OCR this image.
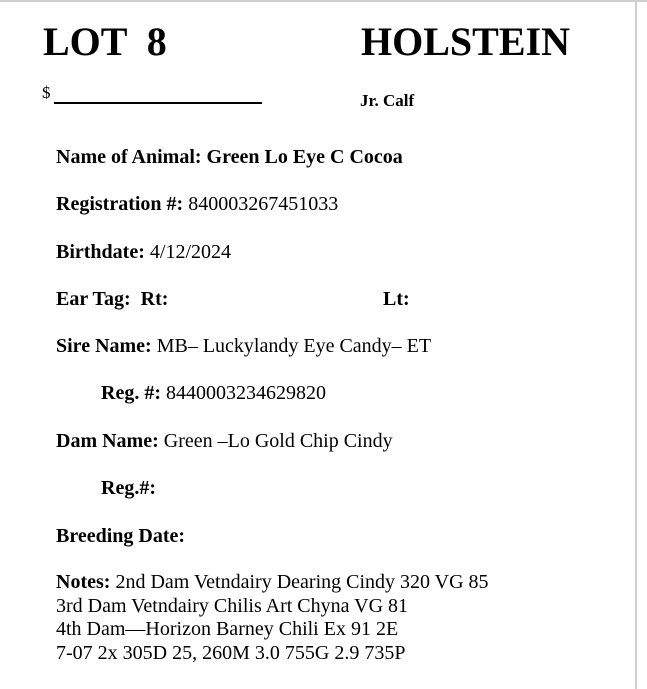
LOT  8	HOLSTEIN
$	Jr. Calf
Name of Animal: Green Lo Eye C Cocoa
Registration #: 840003267451033
Birthdate: 4/12/2024
Ear Tag: Rt:	Lt:
Sire Name: MB– Luckylandy Eye Candy– ET
Reg. #: 8440003234629820
Dam Name: Green –Lo Gold Chip Cindy
Reg.#:
Breeding Date:
Notes: 2nd Dam Vetndairy Dearing Cindy 320 VG 85
3rd Dam Vetndairy Chilis Art Chyna VG 81
4th Dam—Horizon Barney Chili Ex 91 2E
7-07 2x 305D 25, 260M 3.0 755G 2.9 735P
